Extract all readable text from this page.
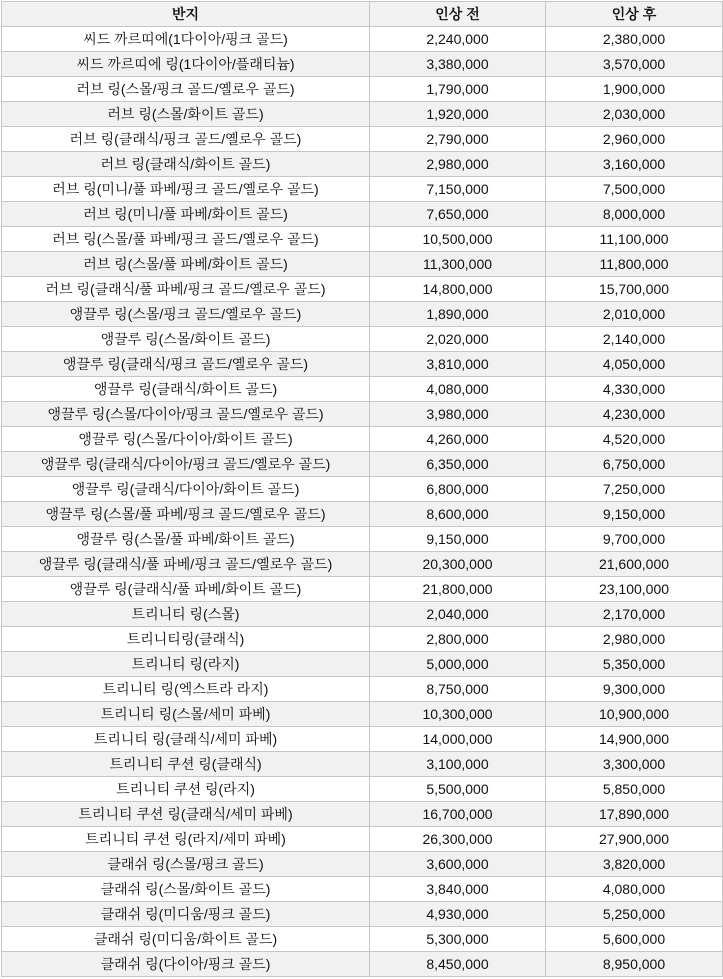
반지	인상 전	인상 후
씨드 까르띠에(1다이아/핑크 골드)	2,240,000	2,380,000
씨드 까르띠에 링(1다이아/플래티늄)	3,380,000	3,570,000
러브 링(스몰/핑크 골드/옐로우 골드)	1,790,000	1,900,000
러브 링(스몰/화이트 골드)	1,920,000	2,030,000
러브 링(클래식/핑크 골드/옐로우 골드)	2,790,000	2,960,000
러브 링(클래식/화이트 골드)	2,980,000	3,160,000
러브 링(미니/풀 파베/핑크 골드/옐로우 골드)	7,150,000	7,500,000
러브 링(미니/풀 파베/화이트 골드)	7,650,000	8,000,000
러브 링(스몰/풀 파베/핑크 골드/옐로우 골드)	10,500,000	11,100,000
러브 링(스몰/풀 파베/화이트 골드)	11,300,000	11,800,000
러브 링(클래식/풀 파베/핑크 골드/옐로우 골드)	14,800,000	15,700,000
앵끌루 링(스몰/핑크 골드/옐로우 골드)	1,890,000	2,010,000
앵끌루 링(스몰/화이트 골드)	2,020,000	2,140,000
앵끌루 링(클래식/핑크 골드/옐로우 골드)	3,810,000	4,050,000
앵끌루 링(클래식/화이트 골드)	4,080,000	4,330,000
앵끌루 링(스몰/다이아/핑크 골드/옐로우 골드)	3,980,000	4,230,000
앵끌루 링(스몰/다이아/화이트 골드)	4,260,000	4,520,000
앵끌루 링(클래식/다이아/핑크 골드/옐로우 골드)	6,350,000	6,750,000
앵끌루 링(클래식/다이아/화이트 골드)	6,800,000	7,250,000
앵끌루 링(스몰/풀 파베/핑크 골드/옐로우 골드)	8,600,000	9,150,000
앵끌루 링(스몰/풀 파베/화이트 골드)	9,150,000	9,700,000
앵끌루 링(클래식/풀 파베/핑크 골드/옐로우 골드)	20,300,000	21,600,000
앵끌루 링(클래식/풀 파베/화이트 골드)	21,800,000	23,100,000
트리니티 링(스몰)	2,040,000	2,170,000
트리니티링(클래식)	2,800,000	2,980,000
트리니티 링(라지)	5,000,000	5,350,000
트리니티 링(엑스트라 라지)	8,750,000	9,300,000
트리니티 링(스몰/세미 파베)	10,300,000	10,900,000
트리니티 링(클래식/세미 파베)	14,000,000	14,900,000
트리니티 쿠션 링(클래식)	3,100,000	3,300,000
트리니티 쿠션 링(라지)	5,500,000	5,850,000
트리니티 쿠션 링(클래식/세미 파베)	16,700,000	17,890,000
트리니티 쿠션 링(라지/세미 파베)	26,300,000	27,900,000
클래쉬 링(스몰/핑크 골드)	3,600,000	3,820,000
클래쉬 링(스몰/화이트 골드)	3,840,000	4,080,000
클래쉬 링(미디움/핑크 골드)	4,930,000	5,250,000
클래쉬 링(미디움/화이트 골드)	5,300,000	5,600,000
클래쉬 링(다이아/핑크 골드)	8,450,000	8,950,000
